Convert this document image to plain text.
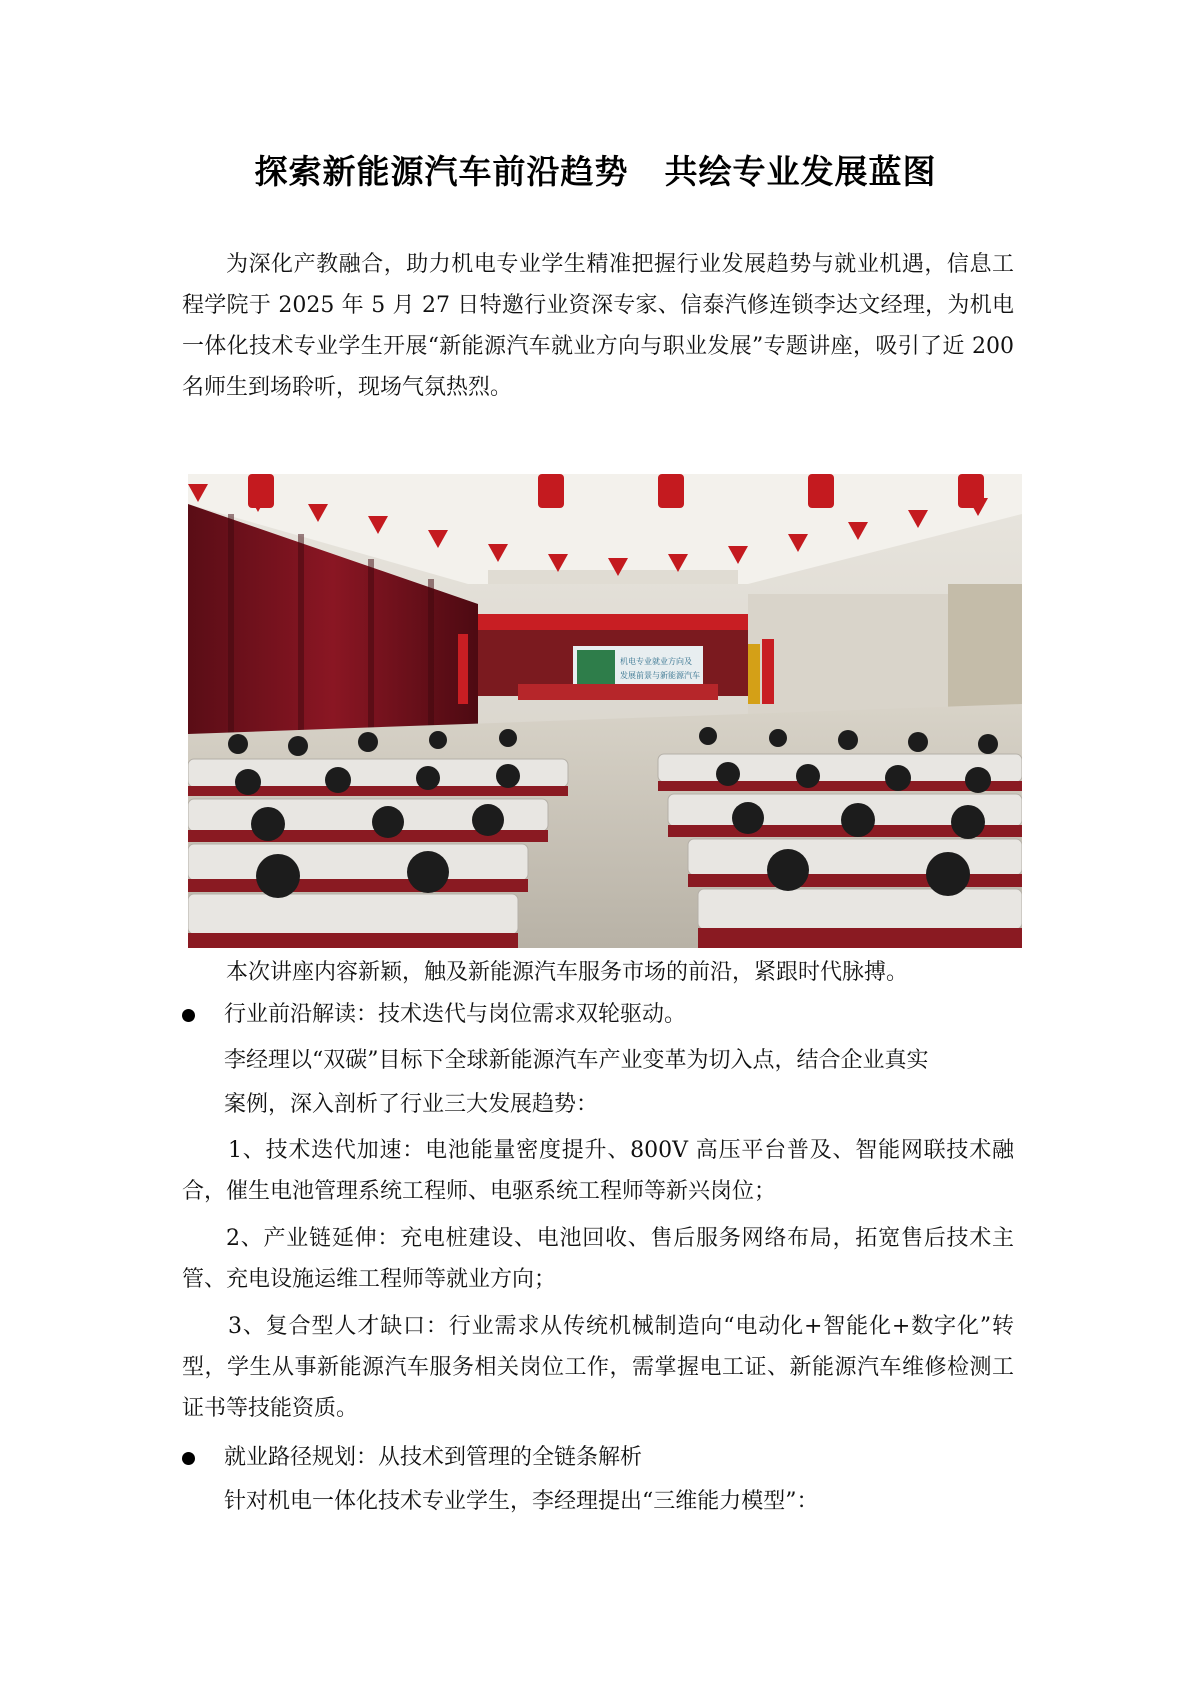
探索新能源汽车前沿趋势 共绘专业发展蓝图

为深化产教融合，助力机电专业学生精准把握行业发展趋势与就业机遇，信息工程学院于 2025 年 5 月 27 日特邀行业资深专家、信泰汽修连锁李达文经理，为机电一体化技术专业学生开展“新能源汽车就业方向与职业发展”专题讲座，吸引了近 200 名师生到场聆听，现场气氛热烈。

机电专业就业方向及
发展前景与新能源汽车

本次讲座内容新颖，触及新能源汽车服务市场的前沿，紧跟时代脉搏。

行业前沿解读：技术迭代与岗位需求双轮驱动。

李经理以“双碳”目标下全球新能源汽车产业变革为切入点，结合企业真实

案例，深入剖析了行业三大发展趋势：

1、技术迭代加速：电池能量密度提升、800V 高压平台普及、智能网联技术融合，催生电池管理系统工程师、电驱系统工程师等新兴岗位；

2、产业链延伸：充电桩建设、电池回收、售后服务网络布局，拓宽售后技术主管、充电设施运维工程师等就业方向；

3、复合型人才缺口：行业需求从传统机械制造向“电动化+智能化+数字化”转型，学生从事新能源汽车服务相关岗位工作，需掌握电工证、新能源汽车维修检测工证书等技能资质。

就业路径规划：从技术到管理的全链条解析

针对机电一体化技术专业学生，李经理提出“三维能力模型”：
